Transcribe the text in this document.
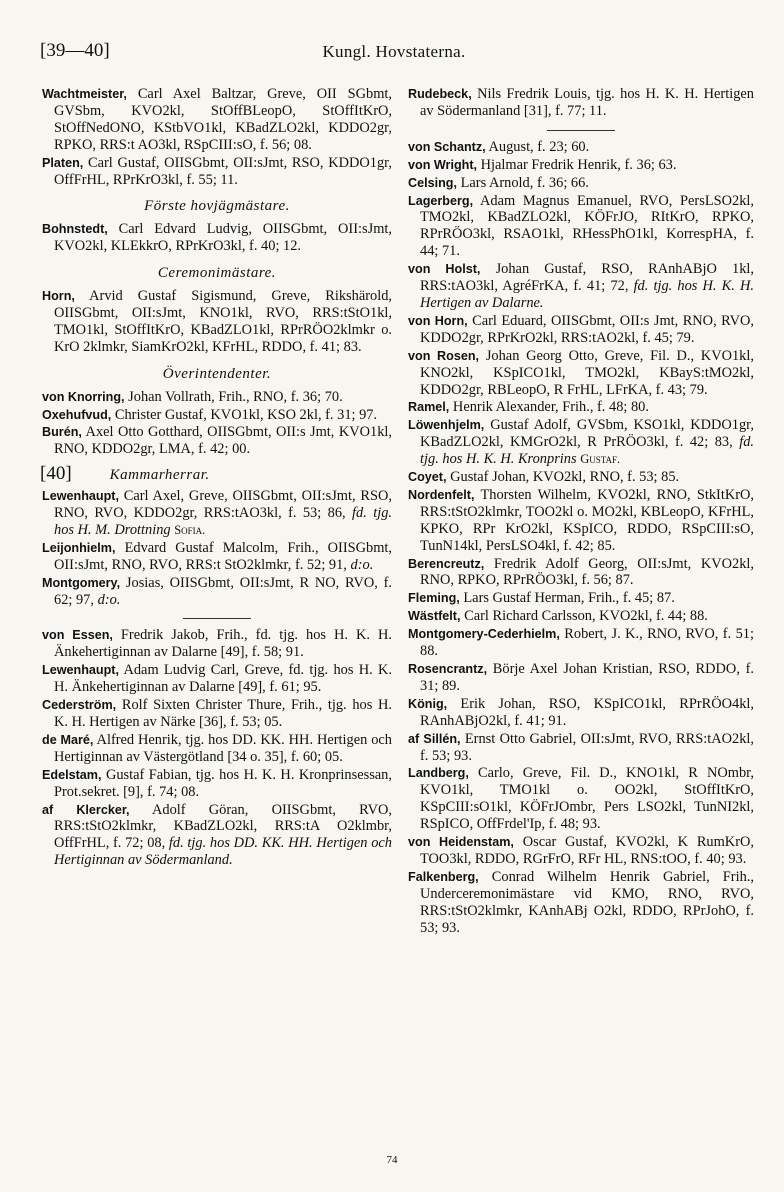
[39—40]	Kungl. Hovstaterna.
Wachtmeister, Carl Axel Baltzar, Greve, OII SGbmt, GVSbm, KVO2kl, StOffBLeopO, StOffItKrO, StOffNedONO, KStbVO1kl, KBadZLO2kl, KDDO2gr, RPKO, RRS:t AO3kl, RSpCIII:sO, f. 56; 08.
Platen, Carl Gustaf, OIISGbmt, OII:sJmt, RSO, KDDO1gr, OffFrHL, RPrKrO3kl, f. 55; 11.
Förste hovjägmästare.
Bohnstedt, Carl Edvard Ludvig, OIISGbmt, OII:sJmt, KVO2kl, KLEkkrO, RPrKrO3kl, f. 40; 12.
Ceremonimästare.
Horn, Arvid Gustaf Sigismund, Greve, Rikshärold, OIISGbmt, OII:sJmt, KNO1kl, RVO, RRS:tStO1kl, TMO1kl, StOffItKrO, KBadZLO1kl, RPrRÖO2klmkr o. KrO 2klmkr, SiamKrO2kl, KFrHL, RDDO, f. 41; 83.
Överintendenter.
von Knorring, Johan Vollrath, Frih., RNO, f. 36; 70.
Oxehufvud, Christer Gustaf, KVO1kl, KSO 2kl, f. 31; 97.
Burén, Axel Otto Gotthard, OIISGbmt, OII:s Jmt, KVO1kl, RNO, KDDO2gr, LMA, f. 42; 00.
[40]	Kammarherrar.
Lewenhaupt, Carl Axel, Greve, OIISGbmt, OII:sJmt, RSO, RNO, RVO, KDDO2gr, RRS:tAO3kl, f. 53; 86, fd. tjg. hos H. M. Drottning Sofia.
Leijonhielm, Edvard Gustaf Malcolm, Frih., OIISGbmt, OII:sJmt, RNO, RVO, RRS:t StO2klmkr, f. 52; 91, d:o.
Montgomery, Josias, OIISGbmt, OII:sJmt, R NO, RVO, f. 62; 97, d:o.
von Essen, Fredrik Jakob, Frih., fd. tjg. hos H. K. H. Änkehertiginnan av Dalarne [49], f. 58; 91.
Lewenhaupt, Adam Ludvig Carl, Greve, fd. tjg. hos H. K. H. Änkehertiginnan av Dalarne [49], f. 61; 95.
Cederström, Rolf Sixten Christer Thure, Frih., tjg. hos H. K. H. Hertigen av Närke [36], f. 53; 05.
de Maré, Alfred Henrik, tjg. hos DD. KK. HH. Hertigen och Hertiginnan av Västergötland [34 o. 35], f. 60; 05.
Edelstam, Gustaf Fabian, tjg. hos H. K. H. Kronprinsessan, Prot.sekret. [9], f. 74; 08.
af Klercker, Adolf Göran, OIISGbmt, RVO, RRS:tStO2klmkr, KBadZLO2kl, RRS:tA O2klmbr, OffFrHL, f. 72; 08, fd. tjg. hos DD. KK. HH. Hertigen och Hertiginnan av Södermanland.
Rudebeck, Nils Fredrik Louis, tjg. hos H. K. H. Hertigen av Södermanland [31], f. 77; 11.
von Schantz, August, f. 23; 60.
von Wright, Hjalmar Fredrik Henrik, f. 36; 63.
Celsing, Lars Arnold, f. 36; 66.
Lagerberg, Adam Magnus Emanuel, RVO, PersLSO2kl, TMO2kl, KBadZLO2kl, KÖFrJO, RItKrO, RPKO, RPrRÖO3kl, RSAO1kl, RHessPhO1kl, KorrespHA, f. 44; 71.
von Holst, Johan Gustaf, RSO, RAnhABjO 1kl, RRS:tAO3kl, AgréFrKA, f. 41; 72, fd. tjg. hos H. K. H. Hertigen av Dalarne.
von Horn, Carl Eduard, OIISGbmt, OII:s Jmt, RNO, RVO, KDDO2gr, RPrKrO2kl, RRS:tAO2kl, f. 45; 79.
von Rosen, Johan Georg Otto, Greve, Fil. D., KVO1kl, KNO2kl, KSpICO1kl, TMO2kl, KBayS:tMO2kl, KDDO2gr, RBLeopO, R FrHL, LFrKA, f. 43; 79.
Ramel, Henrik Alexander, Frih., f. 48; 80.
Löwenhjelm, Gustaf Adolf, GVSbm, KSO1kl, KDDO1gr, KBadZLO2kl, KMGrO2kl, R PrRÖO3kl, f. 42; 83, fd. tjg. hos H. K. H. Kronprins Gustaf.
Coyet, Gustaf Johan, KVO2kl, RNO, f. 53; 85.
Nordenfelt, Thorsten Wilhelm, KVO2kl, RNO, StkItKrO, RRS:tStO2klmkr, TOO2kl o. MO2kl, KBLeopO, KFrHL, KPKO, RPr KrO2kl, KSpICO, RDDO, RSpCIII:sO, TunN14kl, PersLSO4kl, f. 42; 85.
Berencreutz, Fredrik Adolf Georg, OII:sJmt, KVO2kl, RNO, RPKO, RPrRÖO3kl, f. 56; 87.
Fleming, Lars Gustaf Herman, Frih., f. 45; 87.
Wästfelt, Carl Richard Carlsson, KVO2kl, f. 44; 88.
Montgomery-Cederhielm, Robert, J. K., RNO, RVO, f. 51; 88.
Rosencrantz, Börje Axel Johan Kristian, RSO, RDDO, f. 31; 89.
König, Erik Johan, RSO, KSpICO1kl, RPrRÖO4kl, RAnhABjO2kl, f. 41; 91.
af Sillén, Ernst Otto Gabriel, OII:sJmt, RVO, RRS:tAO2kl, f. 53; 93.
Landberg, Carlo, Greve, Fil. D., KNO1kl, R NOmbr, KVO1kl, TMO1kl o. OO2kl, StOffItKrO, KSpCIII:sO1kl, KÖFrJOmbr, Pers LSO2kl, TunNI2kl, RSpICO, OffFrdel'Ip, f. 48; 93.
von Heidenstam, Oscar Gustaf, KVO2kl, K RumKrO, TOO3kl, RDDO, RGrFrO, RFr HL, RNS:tOO, f. 40; 93.
Falkenberg, Conrad Wilhelm Henrik Gabriel, Frih., Underceremonimästare vid KMO, RNO, RVO, RRS:tStO2klmkr, KAnhABj O2kl, RDDO, RPrJohO, f. 53; 93.
74
